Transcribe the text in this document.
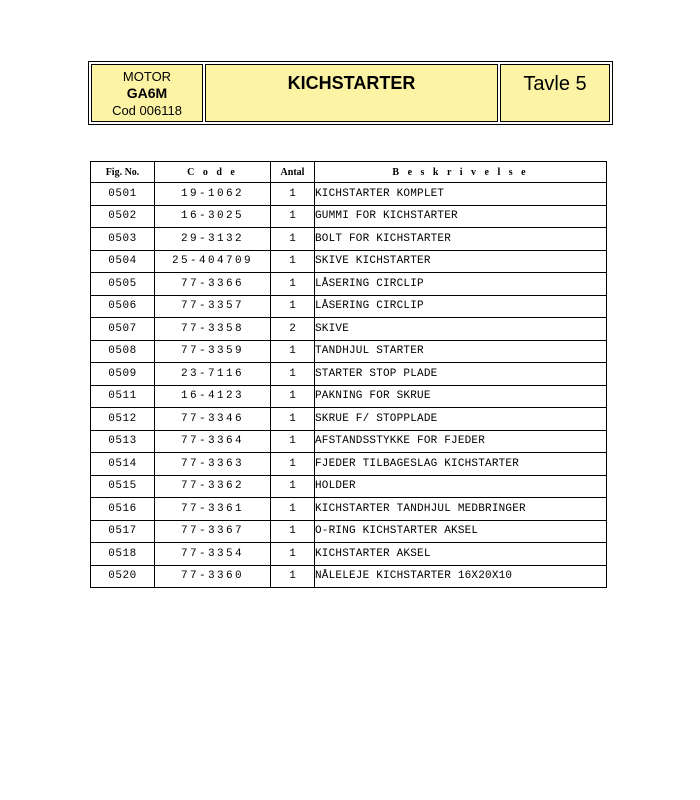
MOTOR
GA6M
Cod 006118
KICHSTARTER	Tavle 5
Fig. No.	C o d e	Antal	B e s k r i v e l s e
0501	19-1062	1	KICHSTARTER KOMPLET
0502	16-3025	1	GUMMI FOR KICHSTARTER
0503	29-3132	1	BOLT FOR KICHSTARTER
0504	25-404709	1	SKIVE KICHSTARTER
0505	77-3366	1	LÅSERING CIRCLIP
0506	77-3357	1	LÅSERING CIRCLIP
0507	77-3358	2	SKIVE
0508	77-3359	1	TANDHJUL STARTER
0509	23-7116	1	STARTER STOP PLADE
0511	16-4123	1	PAKNING FOR SKRUE
0512	77-3346	1	SKRUE F/ STOPPLADE
0513	77-3364	1	AFSTANDSSTYKKE FOR FJEDER
0514	77-3363	1	FJEDER TILBAGESLAG KICHSTARTER
0515	77-3362	1	HOLDER
0516	77-3361	1	KICHSTARTER TANDHJUL MEDBRINGER
0517	77-3367	1	O-RING KICHSTARTER AKSEL
0518	77-3354	1	KICHSTARTER AKSEL
0520	77-3360	1	NÅLELEJE KICHSTARTER 16X20X10
